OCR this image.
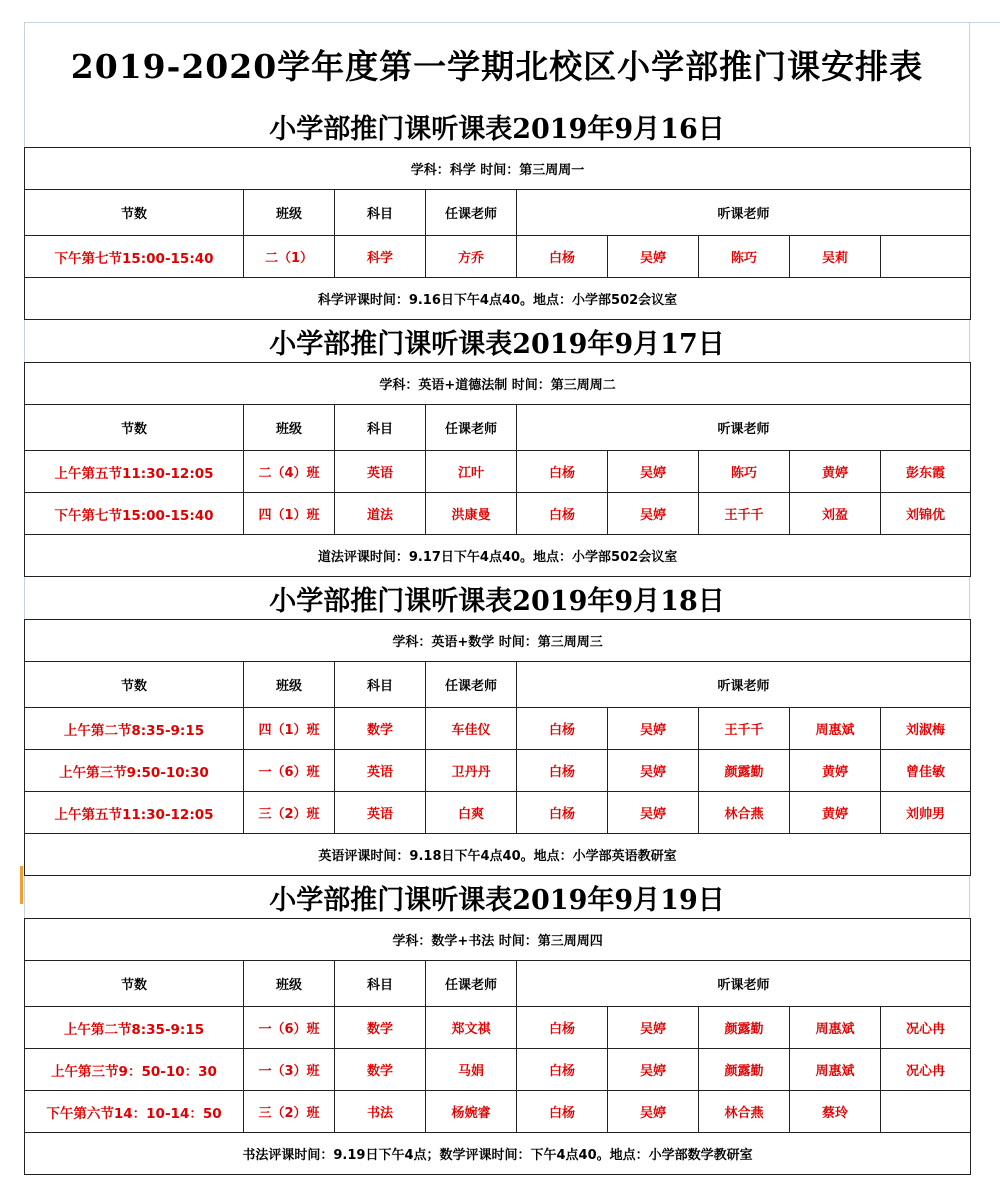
2019-2020学年度第一学期北校区小学部推门课安排表
小学部推门课听课表2019年9月16日
学科：科学 时间：第三周周一								
节数	班级	科目	任课老师	听课老师				
下午第七节15:00-15:40	二（1）	科学	方乔	白杨	吴婷	陈巧	吴莉	
科学评课时间：9.16日下午4点40。地点：小学部502会议室								
小学部推门课听课表2019年9月17日
学科：英语+道德法制 时间：第三周周二								
节数	班级	科目	任课老师	听课老师				
上午第五节11:30-12:05	二（4）班	英语	江叶	白杨	吴婷	陈巧	黄婷	彭东霞
下午第七节15:00-15:40	四（1）班	道法	洪康曼	白杨	吴婷	王千千	刘盈	刘锦优
道法评课时间：9.17日下午4点40。地点：小学部502会议室								
小学部推门课听课表2019年9月18日
学科：英语+数学 时间：第三周周三								
节数	班级	科目	任课老师	听课老师				
上午第二节8:35-9:15	四（1）班	数学	车佳仪	白杨	吴婷	王千千	周惠斌	刘淑梅
上午第三节9:50-10:30	一（6）班	英语	卫丹丹	白杨	吴婷	颜露勤	黄婷	曾佳敏
上午第五节11:30-12:05	三（2）班	英语	白爽	白杨	吴婷	林合燕	黄婷	刘帅男
英语评课时间：9.18日下午4点40。地点：小学部英语教研室								
小学部推门课听课表2019年9月19日
学科：数学+书法 时间：第三周周四								
节数	班级	科目	任课老师	听课老师				
上午第二节8:35-9:15	一（6）班	数学	郑文祺	白杨	吴婷	颜露勤	周惠斌	况心冉
上午第三节9：50-10：30	一（3）班	数学	马娟	白杨	吴婷	颜露勤	周惠斌	况心冉
下午第六节14：10-14：50	三（2）班	书法	杨婉睿	白杨	吴婷	林合燕	蔡玲	
书法评课时间：9.19日下午4点；数学评课时间：下午4点40。地点：小学部数学教研室								
